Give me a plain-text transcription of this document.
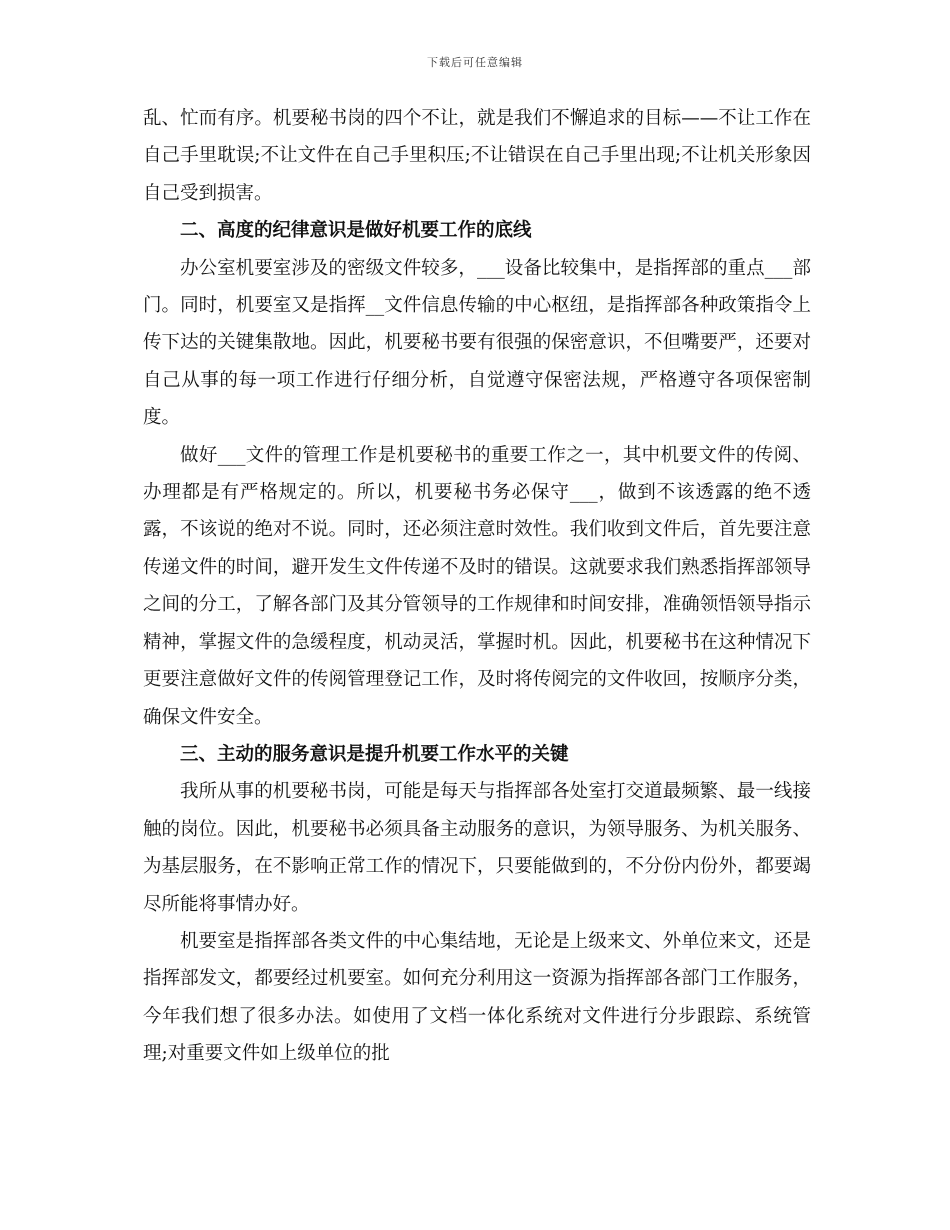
下载后可任意编辑

乱、忙而有序。机要秘书岗的四个不让，就是我们不懈追求的目标——不让工作在自己手里耽误;不让文件在自己手里积压;不让错误在自己手里出现;不让机关形象因自己受到损害。

二、高度的纪律意识是做好机要工作的底线

办公室机要室涉及的密级文件较多，___设备比较集中，是指挥部的重点___部门。同时，机要室又是指挥__文件信息传输的中心枢纽，是指挥部各种政策指令上传下达的关键集散地。因此，机要秘书要有很强的保密意识，不但嘴要严，还要对自己从事的每一项工作进行仔细分析，自觉遵守保密法规，严格遵守各项保密制度。

做好___文件的管理工作是机要秘书的重要工作之一，其中机要文件的传阅、办理都是有严格规定的。所以，机要秘书务必保守___，做到不该透露的绝不透露，不该说的绝对不说。同时，还必须注意时效性。我们收到文件后，首先要注意传递文件的时间，避开发生文件传递不及时的错误。这就要求我们熟悉指挥部领导之间的分工，了解各部门及其分管领导的工作规律和时间安排，准确领悟领导指示精神，掌握文件的急缓程度，机动灵活，掌握时机。因此，机要秘书在这种情况下更要注意做好文件的传阅管理登记工作，及时将传阅完的文件收回，按顺序分类，确保文件安全。

三、主动的服务意识是提升机要工作水平的关键

我所从事的机要秘书岗，可能是每天与指挥部各处室打交道最频繁、最一线接触的岗位。因此，机要秘书必须具备主动服务的意识，为领导服务、为机关服务、为基层服务，在不影响正常工作的情况下，只要能做到的，不分份内份外，都要竭尽所能将事情办好。

机要室是指挥部各类文件的中心集结地，无论是上级来文、外单位来文，还是指挥部发文，都要经过机要室。如何充分利用这一资源为指挥部各部门工作服务，今年我们想了很多办法。如使用了文档一体化系统对文件进行分步跟踪、系统管理;对重要文件如上级单位的批
